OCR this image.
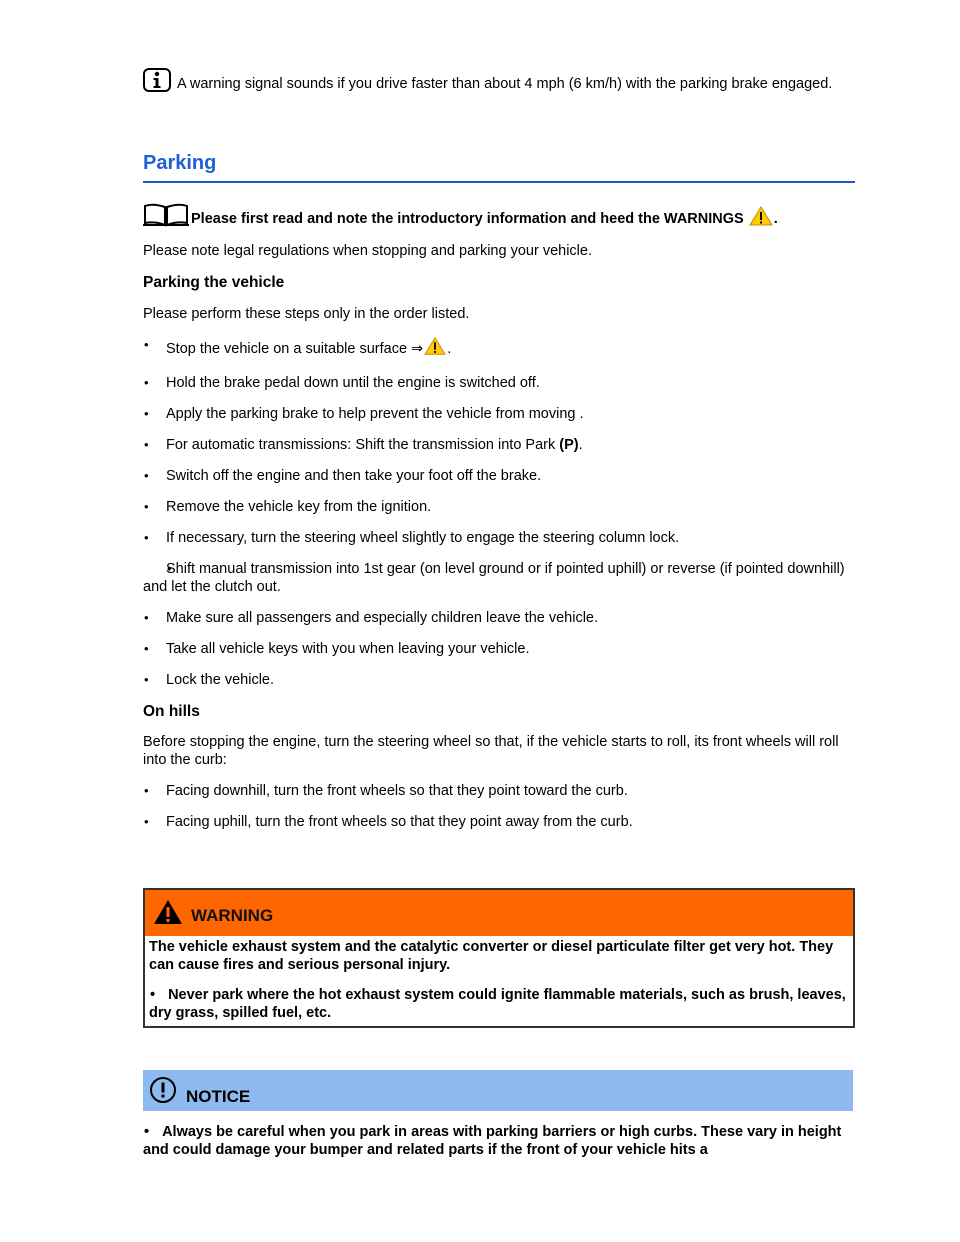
A warning signal sounds if you drive faster than about 4 mph (6 km/h) with the parking brake engaged.

Parking

Please first read and note the introductory information and heed the WARNINGS .

Please note legal regulations when stopping and parking your vehicle.

Parking the vehicle

Please perform these steps only in the order listed.

• Stop the vehicle on a suitable surface ⇒ .
• Hold the brake pedal down until the engine is switched off.
• Apply the parking brake to help prevent the vehicle from moving .
• For automatic transmissions: Shift the transmission into Park (P).
• Switch off the engine and then take your foot off the brake.
• Remove the vehicle key from the ignition.
• If necessary, turn the steering wheel slightly to engage the steering column lock.
• Shift manual transmission into 1st gear (on level ground or if pointed uphill) or reverse (if pointed downhill) and let the clutch out.
• Make sure all passengers and especially children leave the vehicle.
• Take all vehicle keys with you when leaving your vehicle.
• Lock the vehicle.
On hills

Before stopping the engine, turn the steering wheel so that, if the vehicle starts to roll, its front wheels will roll into the curb:

• Facing downhill, turn the front wheels so that they point toward the curb.
• Facing uphill, turn the front wheels so that they point away from the curb.
WARNING

The vehicle exhaust system and the catalytic converter or diesel particulate filter get very hot. They can cause fires and serious personal injury.

• Never park where the hot exhaust system could ignite flammable materials, such as brush, leaves, dry grass, spilled fuel, etc.

NOTICE

• Always be careful when you park in areas with parking barriers or high curbs. These vary in height and could damage your bumper and related parts if the front of your vehicle hits a
